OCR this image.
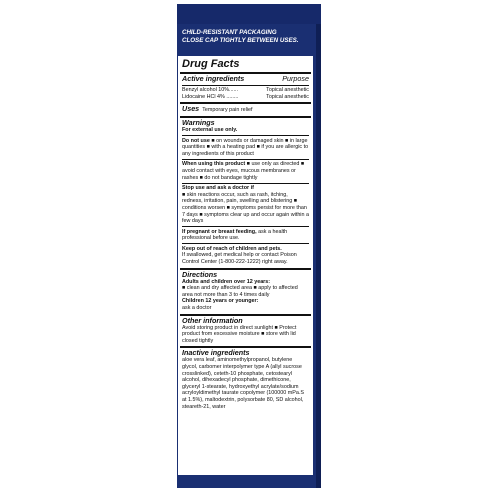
CHILD-RESISTANT PACKAGING
CLOSE CAP TIGHTLY BETWEEN USES.
Drug Facts
Active ingredients	Purpose
Benzyl alcohol 10%......	Topical anesthetic
Lidocaine HCl 4% ........	Topical anesthetic
Uses Temporary pain relief
Warnings
For external use only.
Do not use ■ on wounds or damaged skin ■ in large quantities ■ with a heating pad ■ if you are allergic to any ingredients of this product
When using this product ■ use only as directed ■ avoid contact with eyes, mucous membranes or rashes ■ do not bandage tightly
Stop use and ask a doctor if
■ skin reactions occur, such as rash, itching, redness, irritation, pain, swelling and blistering ■ conditions worsen ■ symptoms persist for more than 7 days ■ symptoms clear up and occur again within a few days
If pregnant or breast feeding, ask a health professional before use.
Keep out of reach of children and pets.
If swallowed, get medical help or contact Poison Control Center (1-800-222-1222) right away.
Directions
Adults and children over 12 years:
■ clean and dry affected area ■ apply to affected area not more than 3 to 4 times daily
Children 12 years or younger:
ask a doctor
Other information
Avoid storing product in direct sunlight ■ Protect product from excessive moisture ■ store with lid closed tightly
Inactive ingredients
aloe vera leaf, aminomethylpropanol, butylene glycol, carbomer interpolymer type A (allyl sucrose crosslinked), ceteth-10 phosphate, cetostearyl alcohol, dihexadecyl phosphate, dimethicone, glyceryl 1-stearate, hydroxyethyl acrylate/sodium acryloyldimethyl taurate copolymer (100000 mPa.S at 1.5%), maltodextrin, polysorbate 80, SD alcohol, steareth-21, water
